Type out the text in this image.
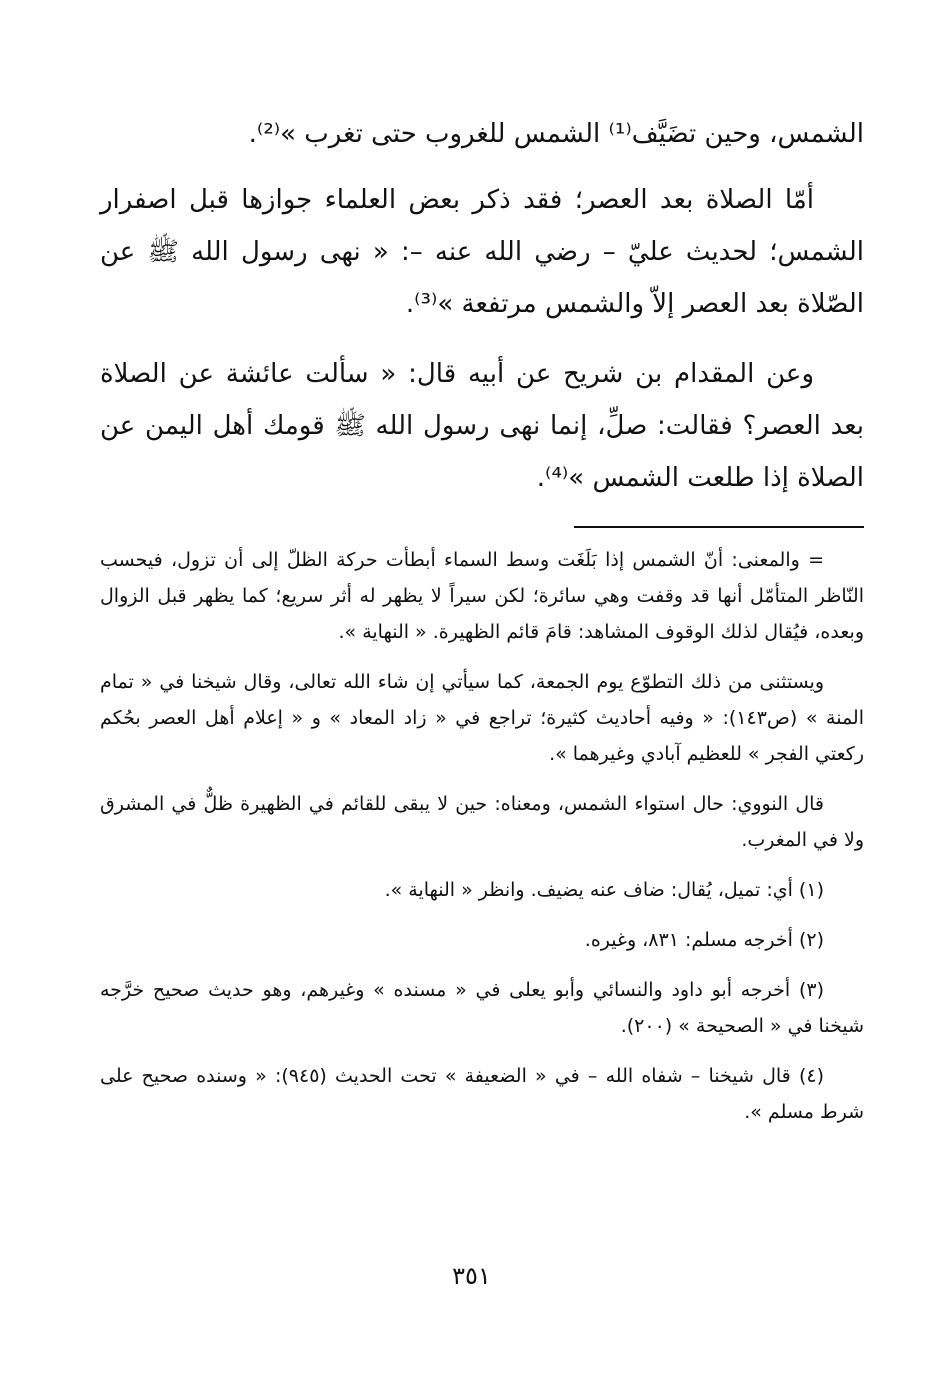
الشمس، وحين تضَيَّف⁽¹⁾ الشمس للغروب حتى تغرب »⁽²⁾.

أمّا الصلاة بعد العصر؛ فقد ذكر بعض العلماء جوازها قبل اصفرار الشمس؛ لحديث عليّ – رضي الله عنه –: « نهى رسول الله ﷺ عن الصّلاة بعد العصر إلاّ والشمس مرتفعة »⁽³⁾.

وعن المقدام بن شريح عن أبيه قال: « سألت عائشة عن الصلاة بعد العصر؟ فقالت: صلِّ، إنما نهى رسول الله ﷺ قومك أهل اليمن عن الصلاة إذا طلعت الشمس »⁽⁴⁾.

= والمعنى: أنّ الشمس إذا بَلَغَت وسط السماء أبطأت حركة الظلّ إلى أن تزول، فيحسب النّاظر المتأمّل أنها قد وقفت وهي سائرة؛ لكن سيراً لا يظهر له أثر سريع؛ كما يظهر قبل الزوال وبعده، فيُقال لذلك الوقوف المشاهد: قامَ قائم الظهيرة. « النهاية ».

ويستثنى من ذلك التطوّع يوم الجمعة، كما سيأتي إن شاء الله تعالى، وقال شيخنا في « تمام المنة » (ص١٤٣): « وفيه أحاديث كثيرة؛ تراجع في « زاد المعاد » و « إعلام أهل العصر بحُكم ركعتي الفجر » للعظيم آبادي وغيرهما ».

قال النووي: حال استواء الشمس، ومعناه: حين لا يبقى للقائم في الظهيرة ظلٌّ في المشرق ولا في المغرب.

(١) أي: تميل، يُقال: ضاف عنه يضيف. وانظر « النهاية ».

(٢) أخرجه مسلم: ٨٣١، وغيره.

(٣) أخرجه أبو داود والنسائي وأبو يعلى في « مسنده » وغيرهم، وهو حديث صحيح خرَّجه شيخنا في « الصحيحة » (٢٠٠).

(٤) قال شيخنا – شفاه الله – في « الضعيفة » تحت الحديث (٩٤٥): « وسنده صحيح على شرط مسلم ».

٣٥١
